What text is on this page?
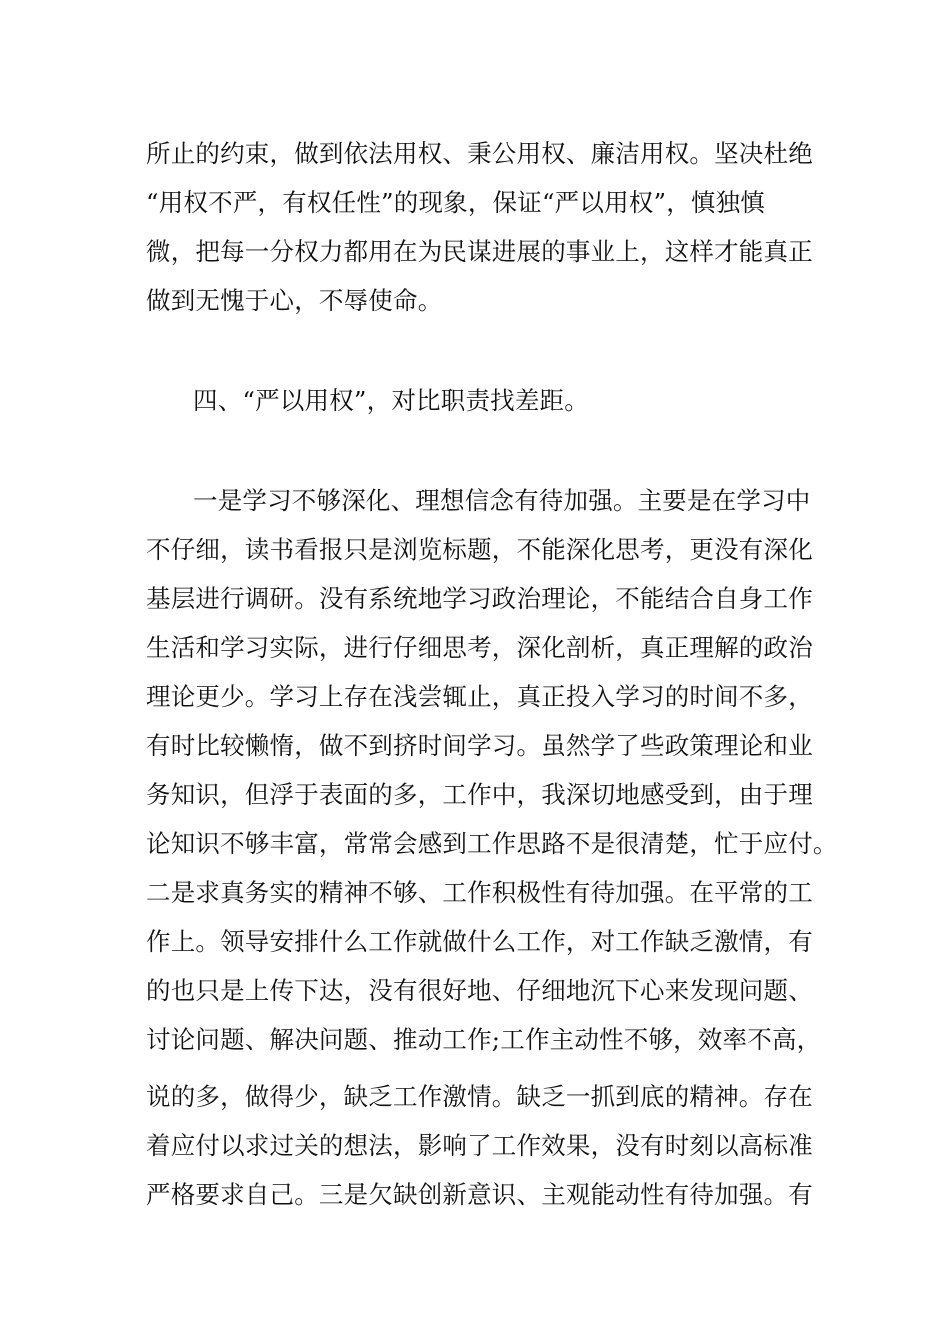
所止的约束，做到依法用权、秉公用权、廉洁用权。坚决杜绝
“用权不严，有权任性”的现象，保证“严以用权”，慎独慎
微，把每一分权力都用在为民谋进展的事业上，这样才能真正
做到无愧于心，不辱使命。
四、“严以用权”，对比职责找差距。
一是学习不够深化、理想信念有待加强。主要是在学习中
不仔细，读书看报只是浏览标题，不能深化思考，更没有深化
基层进行调研。没有系统地学习政治理论，不能结合自身工作
生活和学习实际，进行仔细思考，深化剖析，真正理解的政治
理论更少。学习上存在浅尝辄止，真正投入学习的时间不多，
有时比较懒惰，做不到挤时间学习。虽然学了些政策理论和业
务知识，但浮于表面的多，工作中，我深切地感受到，由于理
论知识不够丰富，常常会感到工作思路不是很清楚，忙于应付。
二是求真务实的精神不够、工作积极性有待加强。在平常的工
作上。领导安排什么工作就做什么工作，对工作缺乏激情，有
的也只是上传下达，没有很好地、仔细地沉下心来发现问题、
讨论问题、解决问题、推动工作;工作主动性不够，效率不高，
说的多，做得少，缺乏工作激情。缺乏一抓到底的精神。存在
着应付以求过关的想法，影响了工作效果，没有时刻以高标准
严格要求自己。三是欠缺创新意识、主观能动性有待加强。有
